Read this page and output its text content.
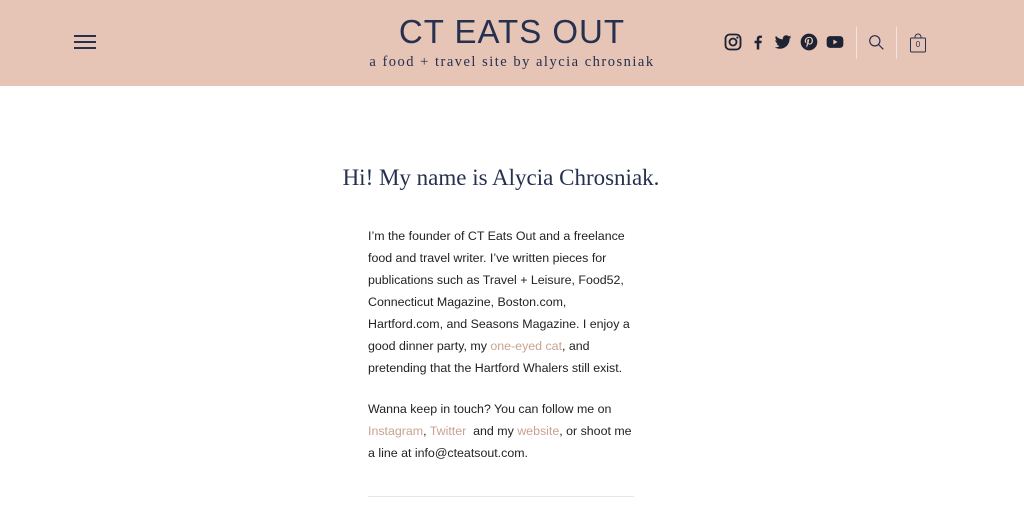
CT EATS OUT
a food + travel site by alycia chrosniak
0
Hi! My name is Alycia Chrosniak.

I’m the founder of CT Eats Out and a freelance food and travel writer. I’ve written pieces for publications such as Travel + Leisure, Food52, Connecticut Magazine, Boston.com, Hartford.com, and Seasons Magazine. I enjoy a good dinner party, my one-eyed cat, and pretending that the Hartford Whalers still exist.

Wanna keep in touch? You can follow me on Instagram, Twitter  and my website, or shoot me a line at info@cteatsout.com.
